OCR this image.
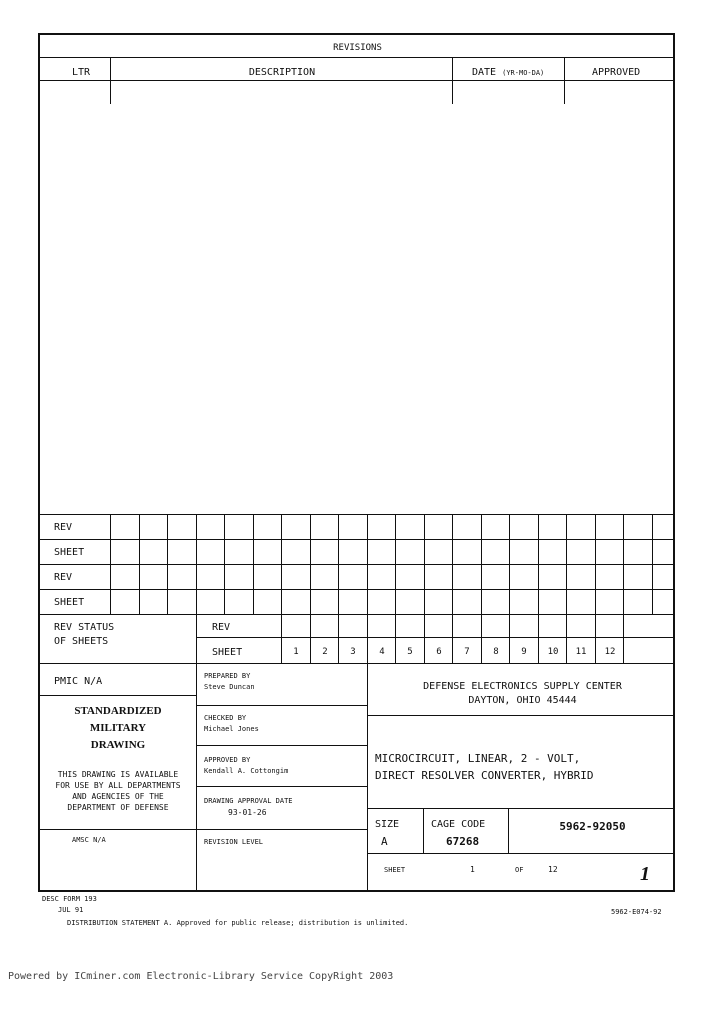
REVISIONS
LTR	DESCRIPTION	DATE (YR-MO-DA)	APPROVED
REV
SHEET
REV
SHEET
REV STATUS
OF SHEETS
REV
SHEET	1	2	3	4	5	6	7	8	9	10	11	12
PMIC N/A
STANDARDIZED
MILITARY
DRAWING
THIS DRAWING IS AVAILABLE
FOR USE BY ALL DEPARTMENTS
AND AGENCIES OF THE
DEPARTMENT OF DEFENSE
AMSC N/A
PREPARED BY
Steve Duncan
CHECKED BY
Michael Jones
APPROVED BY
Kendall A. Cottongim
DRAWING APPROVAL DATE
93-01-26
REVISION LEVEL
DEFENSE ELECTRONICS SUPPLY CENTER
DAYTON, OHIO 45444
MICROCIRCUIT, LINEAR, 2 - VOLT,
DIRECT RESOLVER CONVERTER, HYBRID
SIZE
A
CAGE CODE
67268
5962-92050
SHEET	1	OF	12	1
DESC FORM 193
JUL 91
DISTRIBUTION STATEMENT A. Approved for public release; distribution is unlimited.
5962-E074-92
Powered by ICminer.com Electronic-Library Service CopyRight 2003
